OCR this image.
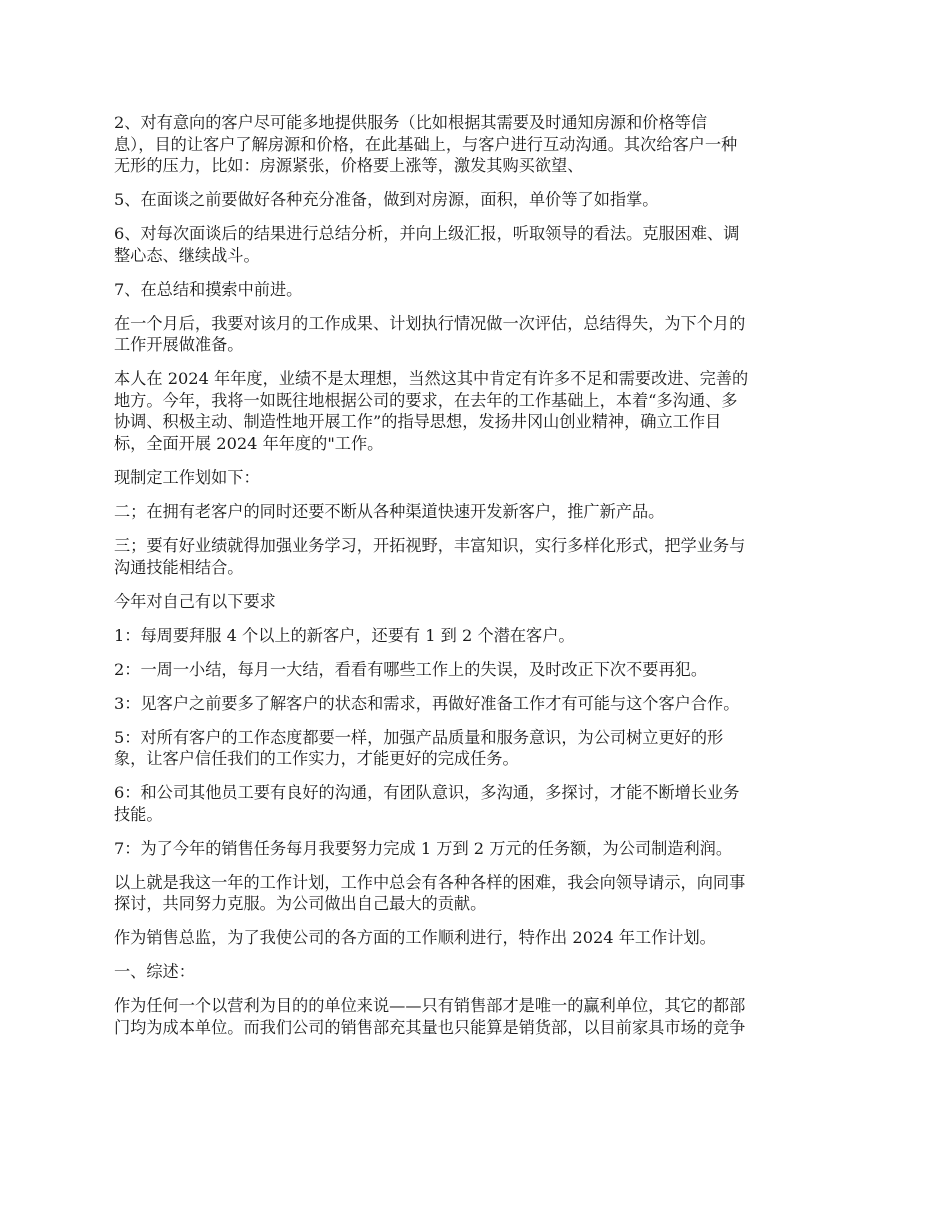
2、对有意向的客户尽可能多地提供服务（比如根据其需要及时通知房源和价格等信
息），目的让客户了解房源和价格，在此基础上，与客户进行互动沟通。其次给客户一种
无形的压力，比如：房源紧张，价格要上涨等，激发其购买欲望、

5、在面谈之前要做好各种充分准备，做到对房源，面积，单价等了如指掌。

6、对每次面谈后的结果进行总结分析，并向上级汇报，听取领导的看法。克服困难、调
整心态、继续战斗。

7、在总结和摸索中前进。

在一个月后，我要对该月的工作成果、计划执行情况做一次评估，总结得失，为下个月的
工作开展做准备。

本人在 2024 年年度，业绩不是太理想，当然这其中肯定有许多不足和需要改进、完善的
地方。今年，我将一如既往地根据公司的要求，在去年的工作基础上，本着“多沟通、多
协调、积极主动、制造性地开展工作”的指导思想，发扬井冈山创业精神，确立工作目
标，全面开展 2024 年年度的"工作。

现制定工作划如下：

二；在拥有老客户的同时还要不断从各种渠道快速开发新客户，推广新产品。

三；要有好业绩就得加强业务学习，开拓视野，丰富知识，实行多样化形式，把学业务与
沟通技能相结合。

今年对自己有以下要求

1：每周要拜服 4 个以上的新客户，还要有 1 到 2 个潜在客户。

2：一周一小结，每月一大结，看看有哪些工作上的失误，及时改正下次不要再犯。

3：见客户之前要多了解客户的状态和需求，再做好准备工作才有可能与这个客户合作。

5：对所有客户的工作态度都要一样，加强产品质量和服务意识，为公司树立更好的形
象，让客户信任我们的工作实力，才能更好的完成任务。

6：和公司其他员工要有良好的沟通，有团队意识，多沟通，多探讨，才能不断增长业务
技能。

7：为了今年的销售任务每月我要努力完成 1 万到 2 万元的任务额，为公司制造利润。

以上就是我这一年的工作计划，工作中总会有各种各样的困难，我会向领导请示，向同事
探讨，共同努力克服。为公司做出自己最大的贡献。

作为销售总监，为了我使公司的各方面的工作顺利进行，特作出 2024 年工作计划。

一、综述：

作为任何一个以营利为目的的单位来说——只有销售部才是唯一的赢利单位，其它的都部
门均为成本单位。而我们公司的销售部充其量也只能算是销货部，以目前家具市场的竞争
